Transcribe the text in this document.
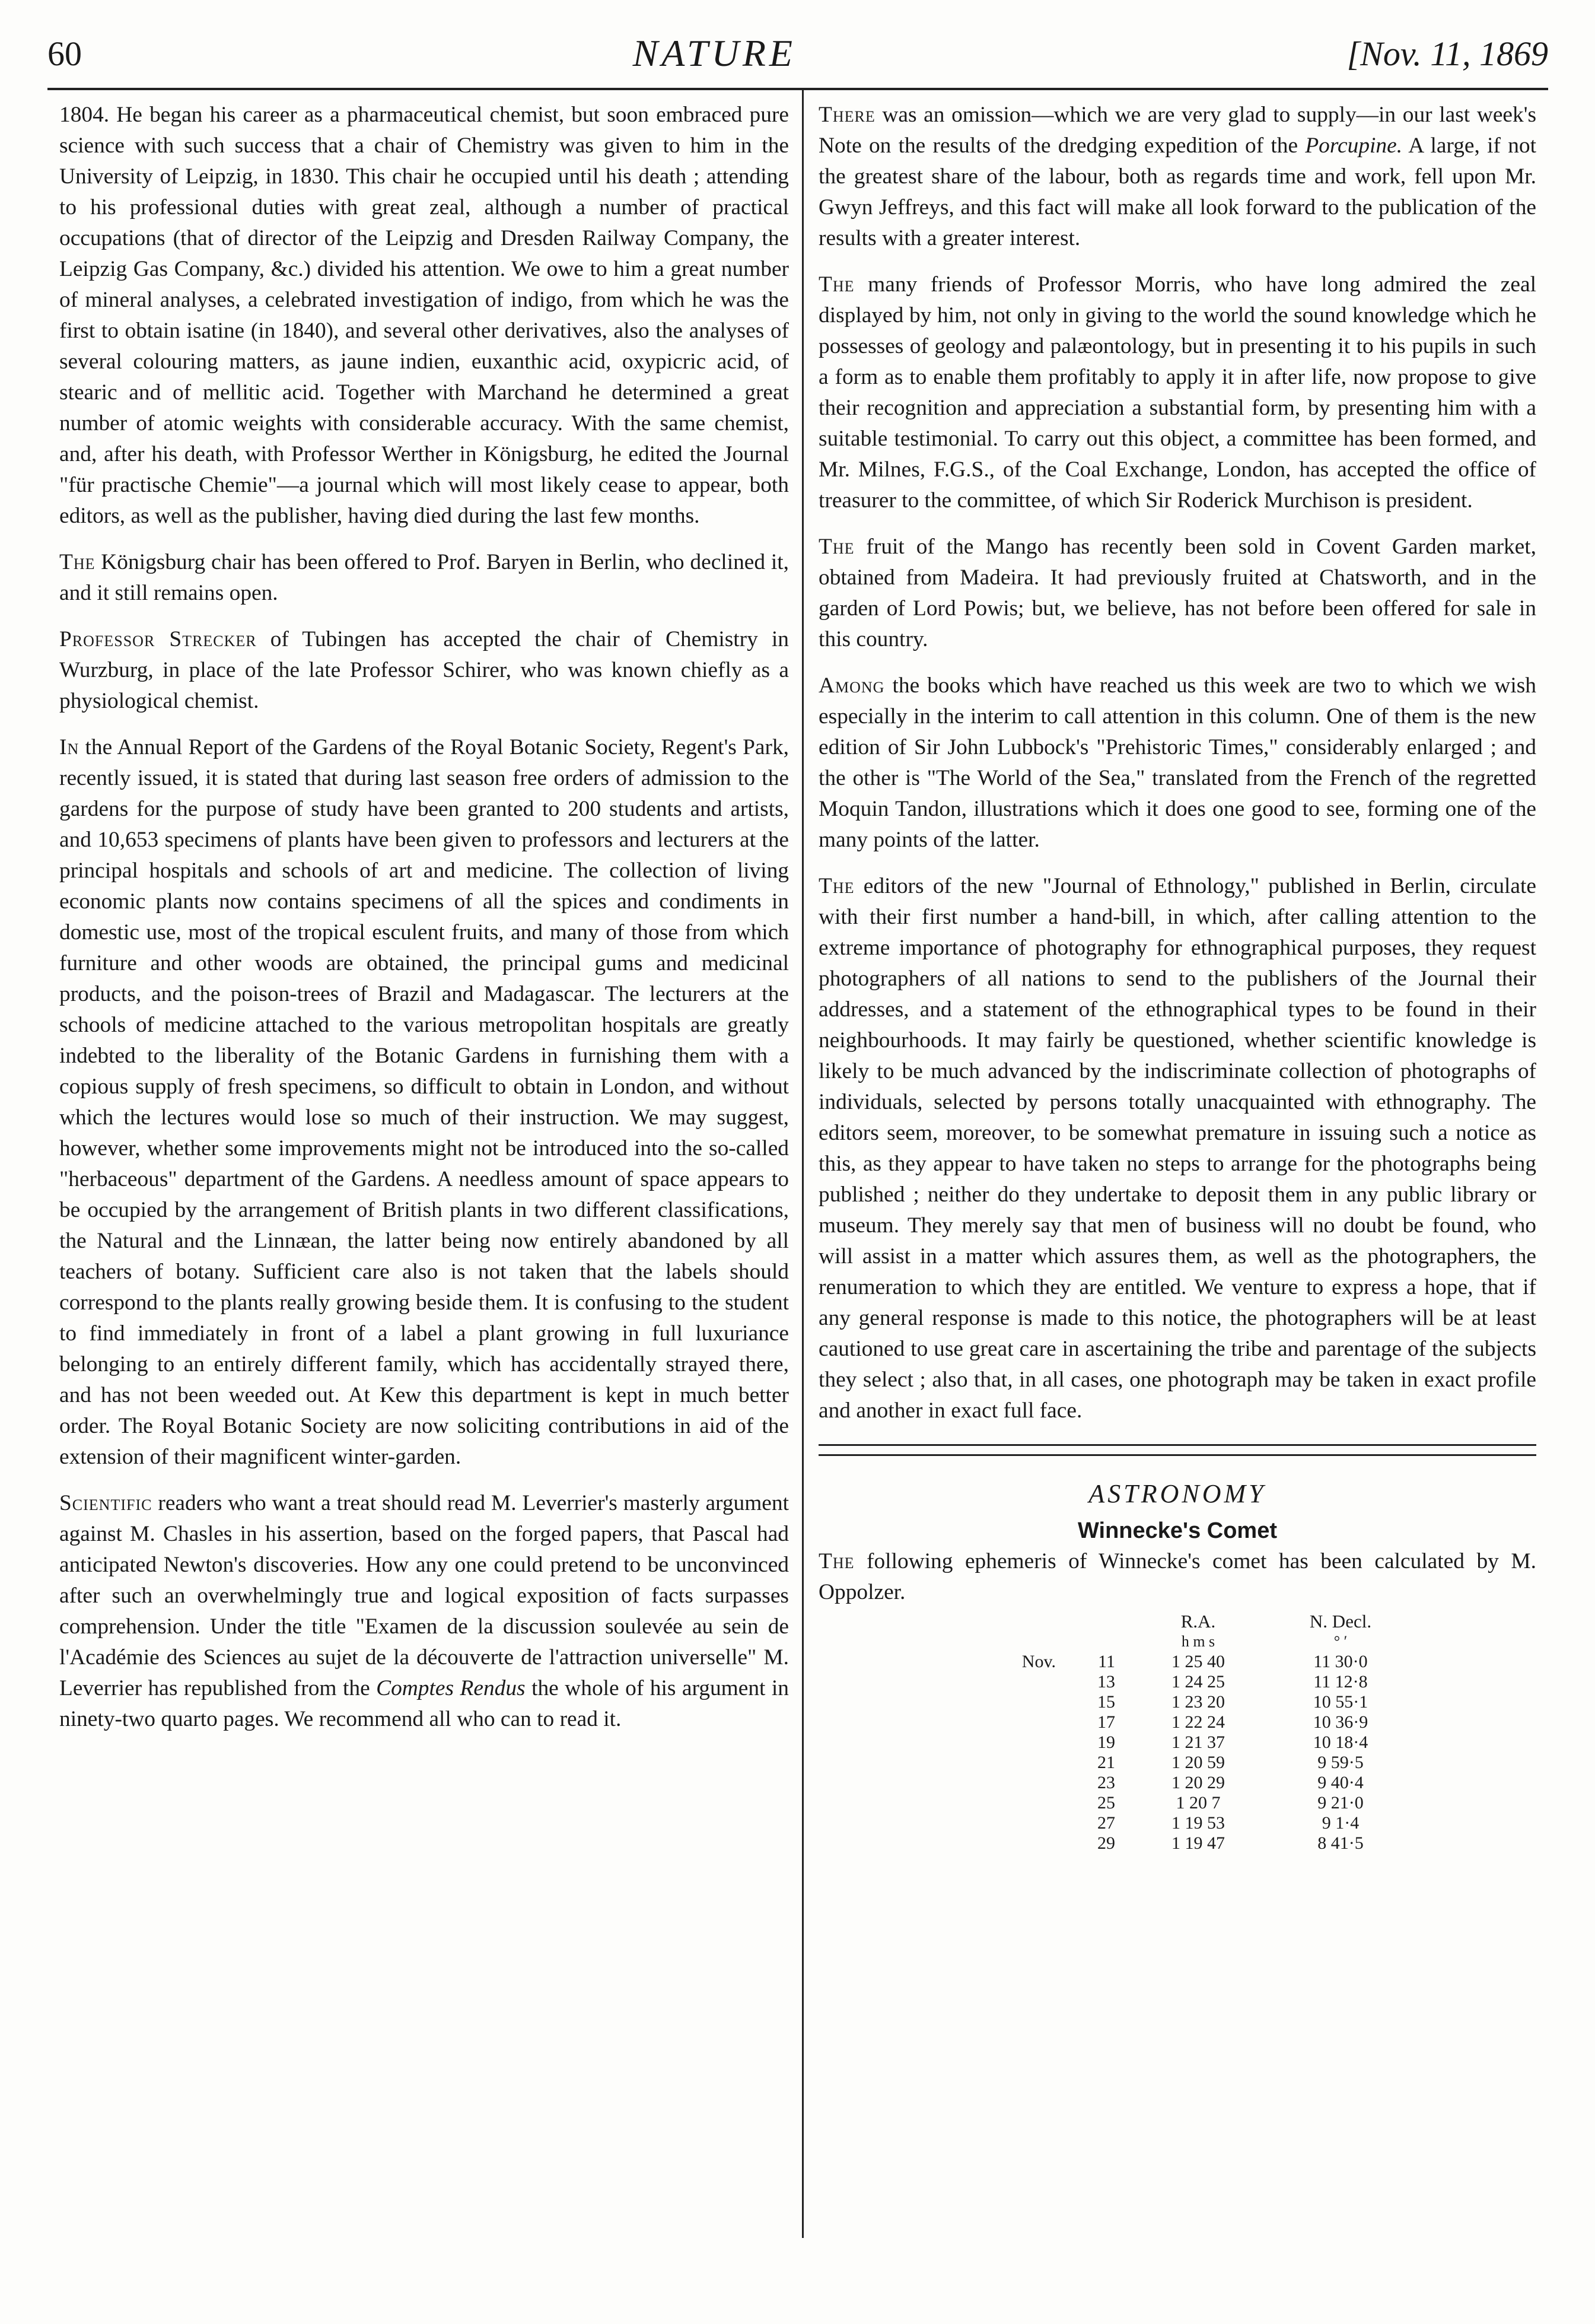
60	NATURE	[Nov. 11, 1869

1804. He began his career as a pharmaceutical chemist, but soon embraced pure science with such success that a chair of Chemistry was given to him in the University of Leipzig, in 1830. This chair he occupied until his death ; attending to his professional duties with great zeal, although a number of practical occupations (that of director of the Leipzig and Dresden Railway Company, the Leipzig Gas Company, &c.) divided his attention. We owe to him a great number of mineral analyses, a celebrated investigation of indigo, from which he was the first to obtain isatine (in 1840), and several other derivatives, also the analyses of several colouring matters, as jaune indien, euxanthic acid, oxypicric acid, of stearic and of mellitic acid. Together with Marchand he determined a great number of atomic weights with considerable accuracy. With the same chemist, and, after his death, with Professor Werther in Königsburg, he edited the Journal "für practische Chemie"—a journal which will most likely cease to appear, both editors, as well as the publisher, having died during the last few months.

The Königsburg chair has been offered to Prof. Baryen in Berlin, who declined it, and it still remains open.

Professor Strecker of Tubingen has accepted the chair of Chemistry in Wurzburg, in place of the late Professor Schirer, who was known chiefly as a physiological chemist.

In the Annual Report of the Gardens of the Royal Botanic Society, Regent's Park, recently issued, it is stated that during last season free orders of admission to the gardens for the purpose of study have been granted to 200 students and artists, and 10,653 specimens of plants have been given to professors and lecturers at the principal hospitals and schools of art and medicine. The collection of living economic plants now contains specimens of all the spices and condiments in domestic use, most of the tropical esculent fruits, and many of those from which furniture and other woods are obtained, the principal gums and medicinal products, and the poison-trees of Brazil and Madagascar. The lecturers at the schools of medicine attached to the various metropolitan hospitals are greatly indebted to the liberality of the Botanic Gardens in furnishing them with a copious supply of fresh specimens, so difficult to obtain in London, and without which the lectures would lose so much of their instruction. We may suggest, however, whether some improvements might not be introduced into the so-called "herbaceous" department of the Gardens. A needless amount of space appears to be occupied by the arrangement of British plants in two different classifications, the Natural and the Linnæan, the latter being now entirely abandoned by all teachers of botany. Sufficient care also is not taken that the labels should correspond to the plants really growing beside them. It is confusing to the student to find immediately in front of a label a plant growing in full luxuriance belonging to an entirely different family, which has accidentally strayed there, and has not been weeded out. At Kew this department is kept in much better order. The Royal Botanic Society are now soliciting contributions in aid of the extension of their magnificent winter-garden.

Scientific readers who want a treat should read M. Leverrier's masterly argument against M. Chasles in his assertion, based on the forged papers, that Pascal had anticipated Newton's discoveries. How any one could pretend to be unconvinced after such an overwhelmingly true and logical exposition of facts surpasses comprehension. Under the title "Examen de la discussion soulevée au sein de l'Académie des Sciences au sujet de la découverte de l'attraction universelle" M. Leverrier has republished from the Comptes Rendus the whole of his argument in ninety-two quarto pages. We recommend all who can to read it.

There was an omission—which we are very glad to supply—in our last week's Note on the results of the dredging expedition of the Porcupine. A large, if not the greatest share of the labour, both as regards time and work, fell upon Mr. Gwyn Jeffreys, and this fact will make all look forward to the publication of the results with a greater interest.

The many friends of Professor Morris, who have long admired the zeal displayed by him, not only in giving to the world the sound knowledge which he possesses of geology and palæontology, but in presenting it to his pupils in such a form as to enable them profitably to apply it in after life, now propose to give their recognition and appreciation a substantial form, by presenting him with a suitable testimonial. To carry out this object, a committee has been formed, and Mr. Milnes, F.G.S., of the Coal Exchange, London, has accepted the office of treasurer to the committee, of which Sir Roderick Murchison is president.

The fruit of the Mango has recently been sold in Covent Garden market, obtained from Madeira. It had previously fruited at Chatsworth, and in the garden of Lord Powis; but, we believe, has not before been offered for sale in this country.

Among the books which have reached us this week are two to which we wish especially in the interim to call attention in this column. One of them is the new edition of Sir John Lubbock's "Prehistoric Times," considerably enlarged ; and the other is "The World of the Sea," translated from the French of the regretted Moquin Tandon, illustrations which it does one good to see, forming one of the many points of the latter.

The editors of the new "Journal of Ethnology," published in Berlin, circulate with their first number a hand-bill, in which, after calling attention to the extreme importance of photography for ethnographical purposes, they request photographers of all nations to send to the publishers of the Journal their addresses, and a statement of the ethnographical types to be found in their neighbourhoods. It may fairly be questioned, whether scientific knowledge is likely to be much advanced by the indiscriminate collection of photographs of individuals, selected by persons totally unacquainted with ethnography. The editors seem, moreover, to be somewhat premature in issuing such a notice as this, as they appear to have taken no steps to arrange for the photographs being published ; neither do they undertake to deposit them in any public library or museum. They merely say that men of business will no doubt be found, who will assist in a matter which assures them, as well as the photographers, the renumeration to which they are entitled. We venture to express a hope, that if any general response is made to this notice, the photographers will be at least cautioned to use great care in ascertaining the tribe and parentage of the subjects they select ; also that, in all cases, one photograph may be taken in exact profile and another in exact full face.

ASTRONOMY
Winnecke's Comet

The following ephemeris of Winnecke's comet has been calculated by M. Oppolzer.

		R.A.	N. Decl.
		h m s	° ′
Nov.	11	1 25 40	11 30·0
	13	1 24 25	11 12·8
	15	1 23 20	10 55·1
	17	1 22 24	10 36·9
	19	1 21 37	10 18·4
	21	1 20 59	9 59·5
	23	1 20 29	9 40·4
	25	1 20 7	9 21·0
	27	1 19 53	9 1·4
	29	1 19 47	8 41·5
